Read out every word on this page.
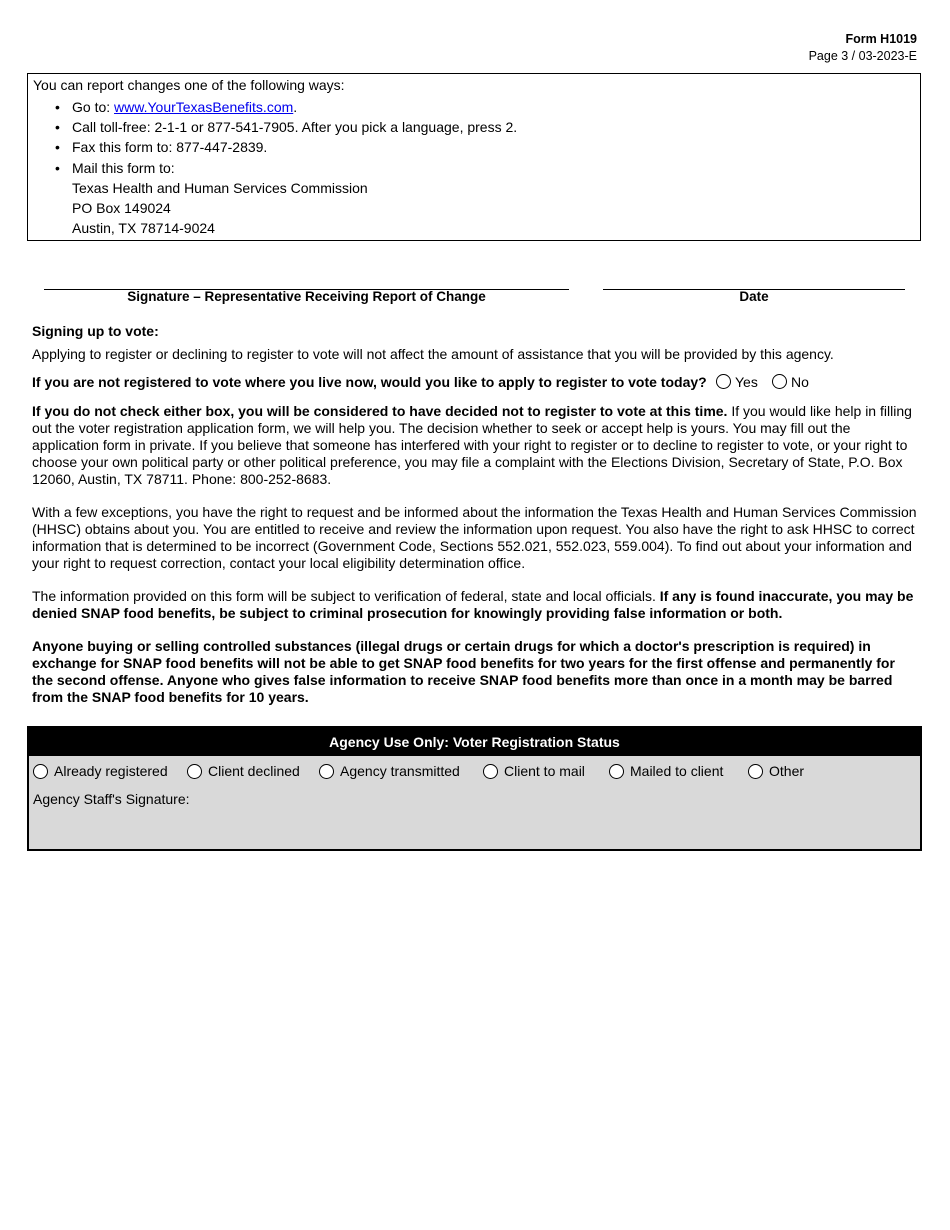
Form H1019
Page 3 / 03-2023-E
You can report changes one of the following ways:
• Go to: www.YourTexasBenefits.com.
• Call toll-free: 2-1-1 or 877-541-7905. After you pick a language, press 2.
• Fax this form to: 877-447-2839.
• Mail this form to:
Texas Health and Human Services Commission
PO Box 149024
Austin, TX 78714-9024
Signature – Representative Receiving Report of Change	Date
Signing up to vote:
Applying to register or declining to register to vote will not affect the amount of assistance that you will be provided by this agency.
If you are not registered to vote where you live now, would you like to apply to register to vote today?	Yes	No
If you do not check either box, you will be considered to have decided not to register to vote at this time. If you would like help in filling out the voter registration application form, we will help you. The decision whether to seek or accept help is yours. You may fill out the application form in private. If you believe that someone has interfered with your right to register or to decline to register to vote, or your right to choose your own political party or other political preference, you may file a complaint with the Elections Division, Secretary of State, P.O. Box 12060, Austin, TX 78711. Phone: 800-252-8683.
With a few exceptions, you have the right to request and be informed about the information the Texas Health and Human Services Commission (HHSC) obtains about you. You are entitled to receive and review the information upon request. You also have the right to ask HHSC to correct information that is determined to be incorrect (Government Code, Sections 552.021, 552.023, 559.004). To find out about your information and your right to request correction, contact your local eligibility determination office.
The information provided on this form will be subject to verification of federal, state and local officials. If any is found inaccurate, you may be denied SNAP food benefits, be subject to criminal prosecution for knowingly providing false information or both.
Anyone buying or selling controlled substances (illegal drugs or certain drugs for which a doctor's prescription is required) in exchange for SNAP food benefits will not be able to get SNAP food benefits for two years for the first offense and permanently for the second offense. Anyone who gives false information to receive SNAP food benefits more than once in a month may be barred from the SNAP food benefits for 10 years.
Agency Use Only: Voter Registration Status
Already registered	Client declined	Agency transmitted	Client to mail	Mailed to client	Other
Agency Staff's Signature:
